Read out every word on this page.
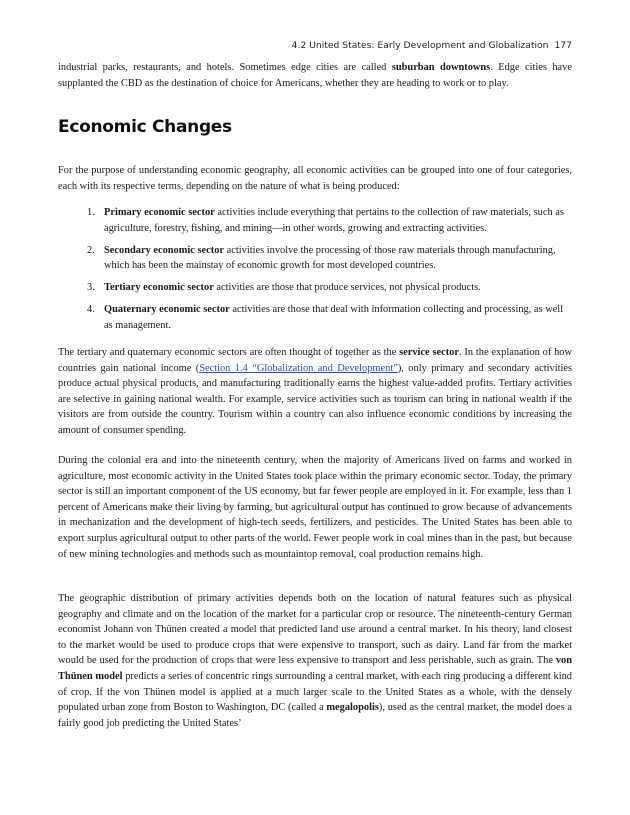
4.2 United States: Early Development and Globalization 177

industrial parks, restaurants, and hotels. Sometimes edge cities are called suburban downtowns. Edge cities have supplanted the CBD as the destination of choice for Americans, whether they are heading to work or to play.

Economic Changes

For the purpose of understanding economic geography, all economic activities can be grouped into one of four categories, each with its respective terms, depending on the nature of what is being produced:

1. Primary economic sector activities include everything that pertains to the collection of raw materials, such as agriculture, forestry, fishing, and mining—in other words, growing and extracting activities.
2. Secondary economic sector activities involve the processing of those raw materials through manufacturing, which has been the mainstay of economic growth for most developed countries.
3. Tertiary economic sector activities are those that produce services, not physical products.
4. Quaternary economic sector activities are those that deal with information collecting and processing, as well as management.

The tertiary and quaternary economic sectors are often thought of together as the service sector. In the explanation of how countries gain national income (Section 1.4 “Globalization and Development”), only primary and secondary activities produce actual physical products, and manufacturing traditionally earns the highest value-added profits. Tertiary activities are selective in gaining national wealth. For example, service activities such as tourism can bring in national wealth if the visitors are from outside the country. Tourism within a country can also influence economic conditions by increasing the amount of consumer spending.

During the colonial era and into the nineteenth century, when the majority of Americans lived on farms and worked in agriculture, most economic activity in the United States took place within the primary economic sector. Today, the primary sector is still an important component of the US economy, but far fewer people are employed in it. For example, less than 1 percent of Americans make their living by farming, but agricultural output has continued to grow because of advancements in mechanization and the development of high-tech seeds, fertilizers, and pesticides. The United States has been able to export surplus agricultural output to other parts of the world. Fewer people work in coal mines than in the past, but because of new mining technologies and methods such as mountaintop removal, coal production remains high.

The geographic distribution of primary activities depends both on the location of natural features such as physical geography and climate and on the location of the market for a particular crop or resource. The nineteenth-century German economist Johann von Thünen created a model that predicted land use around a central market. In his theory, land closest to the market would be used to produce crops that were expensive to transport, such as dairy. Land far from the market would be used for the production of crops that were less expensive to transport and less perishable, such as grain. The von Thünen model predicts a series of concentric rings surrounding a central market, with each ring producing a different kind of crop. If the von Thünen model is applied at a much larger scale to the United States as a whole, with the densely populated urban zone from Boston to Washington, DC (called a megalopolis), used as the central market, the model does a fairly good job predicting the United States’
